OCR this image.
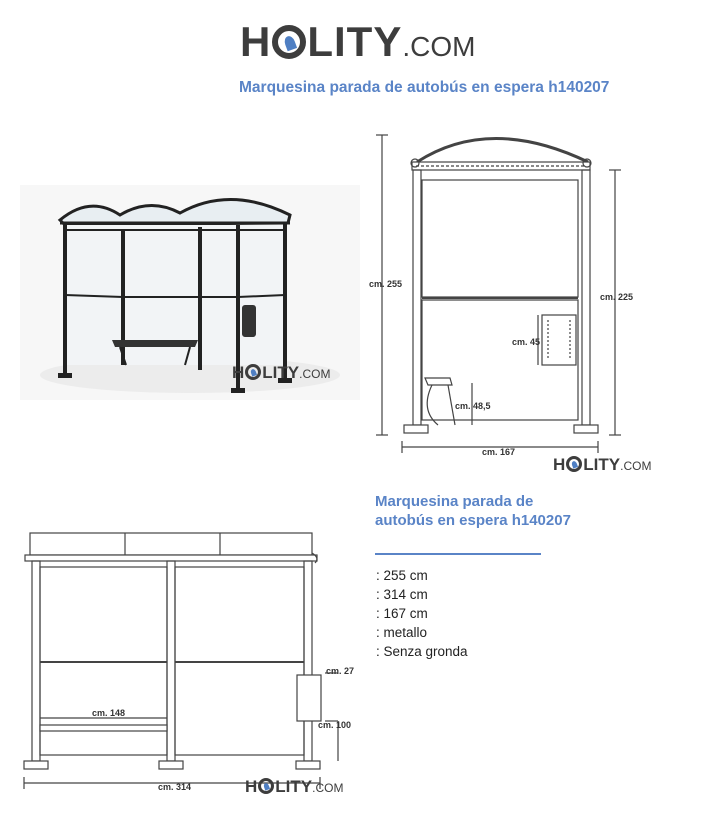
H LITY.COM
Marquesina parada de autobús en espera h140207
H LITY.COM
cm. 255
cm. 225
cm. 167
cm. 45
cm. 48,5
H LITY.COM
cm. 148
cm. 314
cm. 27
cm. 100
H LITY.COM
Marquesina parada de autobús en espera h140207
: 255 cm
: 314 cm
: 167 cm
: metallo
: Senza gronda
